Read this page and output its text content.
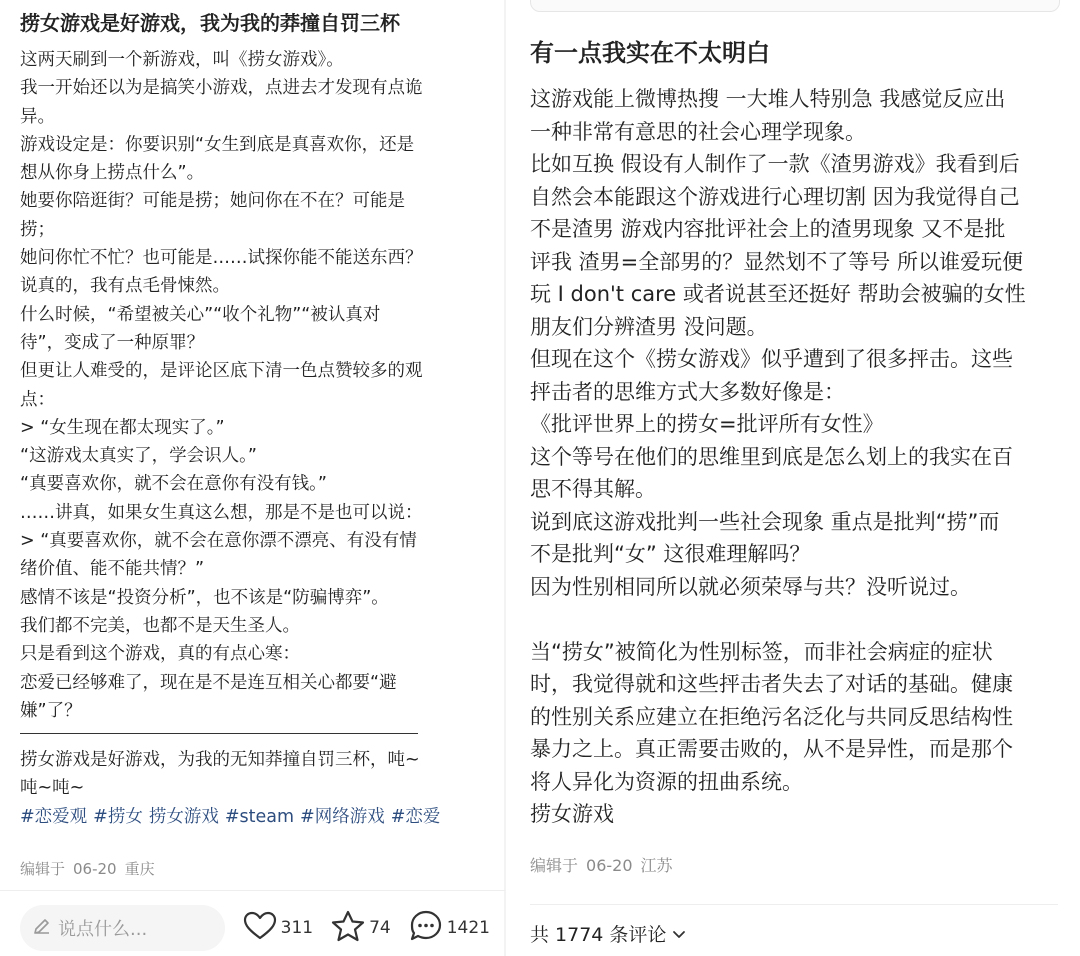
捞女游戏是好游戏，我为我的莽撞自罚三杯
这两天刷到一个新游戏，叫《捞女游戏》。
我一开始还以为是搞笑小游戏，点进去才发现有点诡
异。
游戏设定是：你要识别“女生到底是真喜欢你，还是
想从你身上捞点什么”。
她要你陪逛街？可能是捞；她问你在不在？可能是
捞；
她问你忙不忙？也可能是……试探你能不能送东西？
说真的，我有点毛骨悚然。
什么时候，“希望被关心”“收个礼物”“被认真对
待”，变成了一种原罪？
但更让人难受的，是评论区底下清一色点赞较多的观
点：
> “女生现在都太现实了。”
“这游戏太真实了，学会识人。”
“真要喜欢你，就不会在意你有没有钱。”
……讲真，如果女生真这么想，那是不是也可以说：
> “真要喜欢你，就不会在意你漂不漂亮、有没有情
绪价值、能不能共情？”
感情不该是“投资分析”，也不该是“防骗博弈”。
我们都不完美，也都不是天生圣人。
只是看到这个游戏，真的有点心寒：
恋爱已经够难了，现在是不是连互相关心都要“避
嫌”了？
捞女游戏是好游戏，为我的无知莽撞自罚三杯，吨~
吨~吨~
#恋爱观 #捞女 捞女游戏 #steam #网络游戏 #恋爱
编辑于 06-20 重庆
说点什么...	311	74	1421
有一点我实在不太明白
这游戏能上微博热搜 一大堆人特别急 我感觉反应出
一种非常有意思的社会心理学现象。
比如互换 假设有人制作了一款《渣男游戏》我看到后
自然会本能跟这个游戏进行心理切割 因为我觉得自己
不是渣男 游戏内容批评社会上的渣男现象 又不是批
评我 渣男=全部男的？显然划不了等号 所以谁爱玩便
玩 I don't care 或者说甚至还挺好 帮助会被骗的女性
朋友们分辨渣男 没问题。
但现在这个《捞女游戏》似乎遭到了很多抨击。这些
抨击者的思维方式大多数好像是：
《批评世界上的捞女=批评所有女性》
这个等号在他们的思维里到底是怎么划上的我实在百
思不得其解。
说到底这游戏批判一些社会现象 重点是批判“捞”而
不是批判“女” 这很难理解吗？
因为性别相同所以就必须荣辱与共？没听说过。
当“捞女”被简化为性别标签，而非社会病症的症状
时，我觉得就和这些抨击者失去了对话的基础。健康
的性别关系应建立在拒绝污名泛化与共同反思结构性
暴力之上。真正需要击败的，从不是异性，而是那个
将人异化为资源的扭曲系统。
捞女游戏
编辑于 06-20 江苏
共 1774 条评论
